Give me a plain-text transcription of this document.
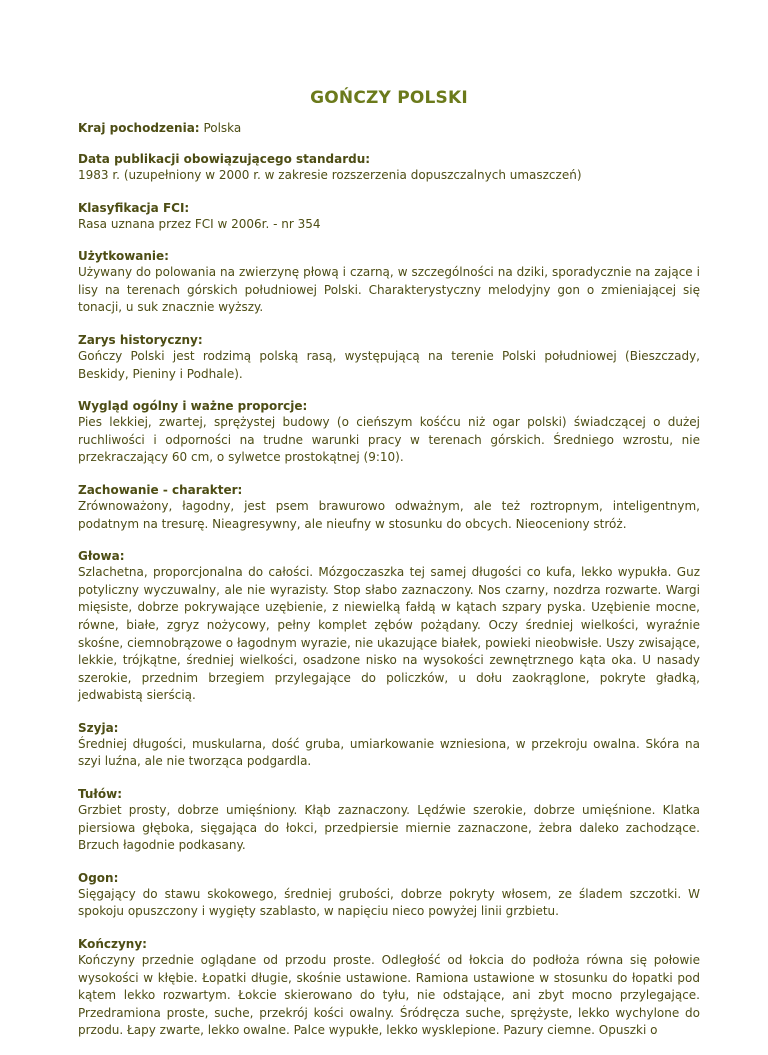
GOŃCZY POLSKI
Kraj pochodzenia: Polska
Data publikacji obowiązującego standardu:
1983 r. (uzupełniony w 2000 r. w zakresie rozszerzenia dopuszczalnych umaszczeń)
Klasyfikacja FCI:
Rasa uznana przez FCI w 2006r. - nr 354
Użytkowanie:
Używany do polowania na zwierzynę płową i czarną, w szczególności na dziki, sporadycznie na zające i lisy na terenach górskich południowej Polski. Charakterystyczny melodyjny gon o zmieniającej się tonacji, u suk znacznie wyższy.
Zarys historyczny:
Gończy Polski jest rodzimą polską rasą, występującą na terenie Polski południowej (Bieszczady, Beskidy, Pieniny i Podhale).
Wygląd ogólny i ważne proporcje:
Pies lekkiej, zwartej, sprężystej budowy (o cieńszym kośćcu niż ogar polski) świadczącej o dużej ruchliwości i odporności na trudne warunki pracy w terenach górskich. Średniego wzrostu, nie przekraczający 60 cm, o sylwetce prostokątnej (9:10).
Zachowanie - charakter:
Zrównoważony, łagodny, jest psem brawurowo odważnym, ale też roztropnym, inteligentnym, podatnym na tresurę. Nieagresywny, ale nieufny w stosunku do obcych. Nieoceniony stróż.
Głowa:
Szlachetna, proporcjonalna do całości. Mózgoczaszka tej samej długości co kufa, lekko wypukła. Guz potyliczny wyczuwalny, ale nie wyrazisty. Stop słabo zaznaczony. Nos czarny, nozdrza rozwarte. Wargi mięsiste, dobrze pokrywające uzębienie, z niewielką fałdą w kątach szpary pyska. Uzębienie mocne, równe, białe, zgryz nożycowy, pełny komplet zębów pożądany. Oczy średniej wielkości, wyraźnie skośne, ciemnobrązowe o łagodnym wyrazie, nie ukazujące białek, powieki nieobwisłe. Uszy zwisające, lekkie, trójkątne, średniej wielkości, osadzone nisko na wysokości zewnętrznego kąta oka. U nasady szerokie, przednim brzegiem przylegające do policzków, u dołu zaokrąglone, pokryte gładką, jedwabistą sierścią.
Szyja:
Średniej długości, muskularna, dość gruba, umiarkowanie wzniesiona, w przekroju owalna. Skóra na szyi luźna, ale nie tworząca podgardla.
Tułów:
Grzbiet prosty, dobrze umięśniony. Kłąb zaznaczony. Lędźwie szerokie, dobrze umięśnione. Klatka piersiowa głęboka, sięgająca do łokci, przedpiersie miernie zaznaczone, żebra daleko zachodzące. Brzuch łagodnie podkasany.
Ogon:
Sięgający do stawu skokowego, średniej grubości, dobrze pokryty włosem, ze śladem szczotki. W spokoju opuszczony i wygięty szablasto, w napięciu nieco powyżej linii grzbietu.
Kończyny:
Kończyny przednie oglądane od przodu proste. Odległość od łokcia do podłoża równa się połowie wysokości w kłębie. Łopatki długie, skośnie ustawione. Ramiona ustawione w stosunku do łopatki pod kątem lekko rozwartym. Łokcie skierowano do tyłu, nie odstające, ani zbyt mocno przylegające. Przedramiona proste, suche, przekrój kości owalny. Śródręcza suche, sprężyste, lekko wychylone do przodu. Łapy zwarte, lekko owalne. Palce wypukłe, lekko wysklepione. Pazury ciemne. Opuszki o
